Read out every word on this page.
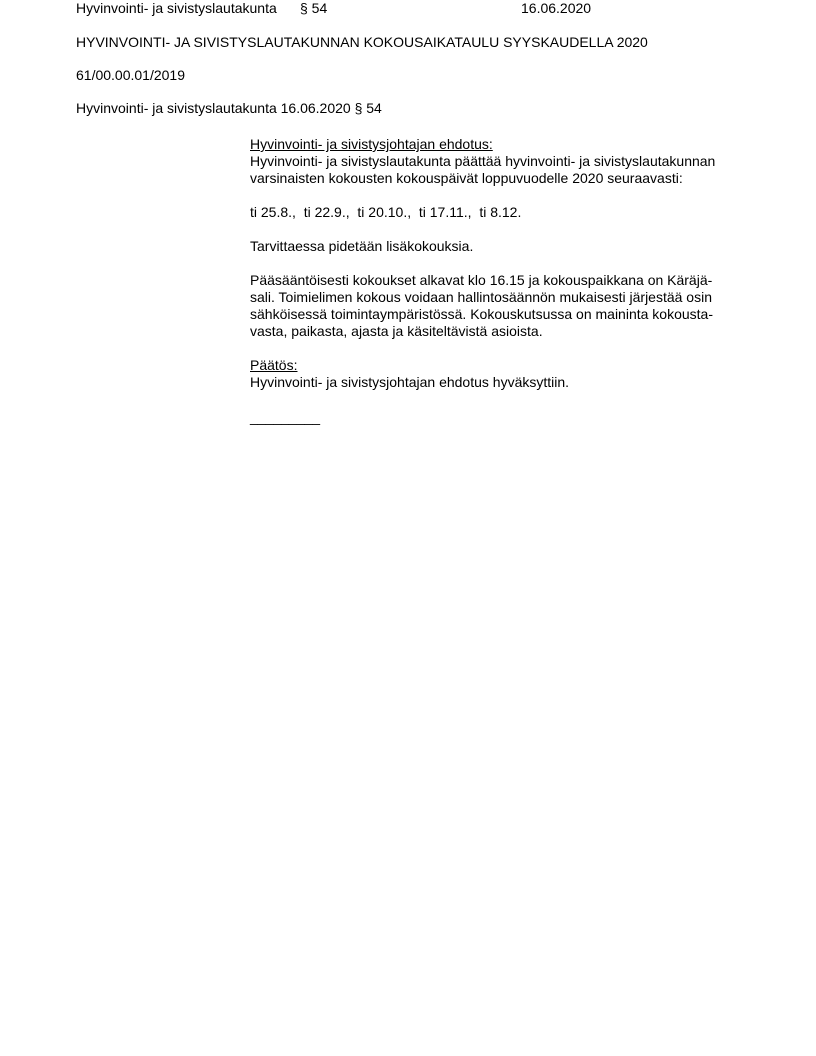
Hyvinvointi- ja sivistyslautakunta § 54	16.06.2020
HYVINVOINTI- JA SIVISTYSLAUTAKUNNAN KOKOUSAIKATAULU SYYSKAUDELLA 2020
61/00.00.01/2019
Hyvinvointi- ja sivistyslautakunta 16.06.2020 § 54
Hyvinvointi- ja sivistysjohtajan ehdotus:
Hyvinvointi- ja sivistyslautakunta päättää hyvinvointi- ja sivistyslautakunnan
varsinaisten kokousten kokouspäivät loppuvuodelle 2020 seuraavasti:
ti 25.8.,  ti 22.9.,  ti 20.10.,  ti 17.11.,  ti 8.12.
Tarvittaessa pidetään lisäkokouksia.
Pääsääntöisesti kokoukset alkavat klo 16.15 ja kokouspaikkana on Käräjä-
sali. Toimielimen kokous voidaan hallintosäännön mukaisesti järjestää osin
sähköisessä toimintaympäristössä. Kokouskutsussa on maininta kokousta-
vasta, paikasta, ajasta ja käsiteltävistä asioista.
Päätös:
Hyvinvointi- ja sivistysjohtajan ehdotus hyväksyttiin.
_________
